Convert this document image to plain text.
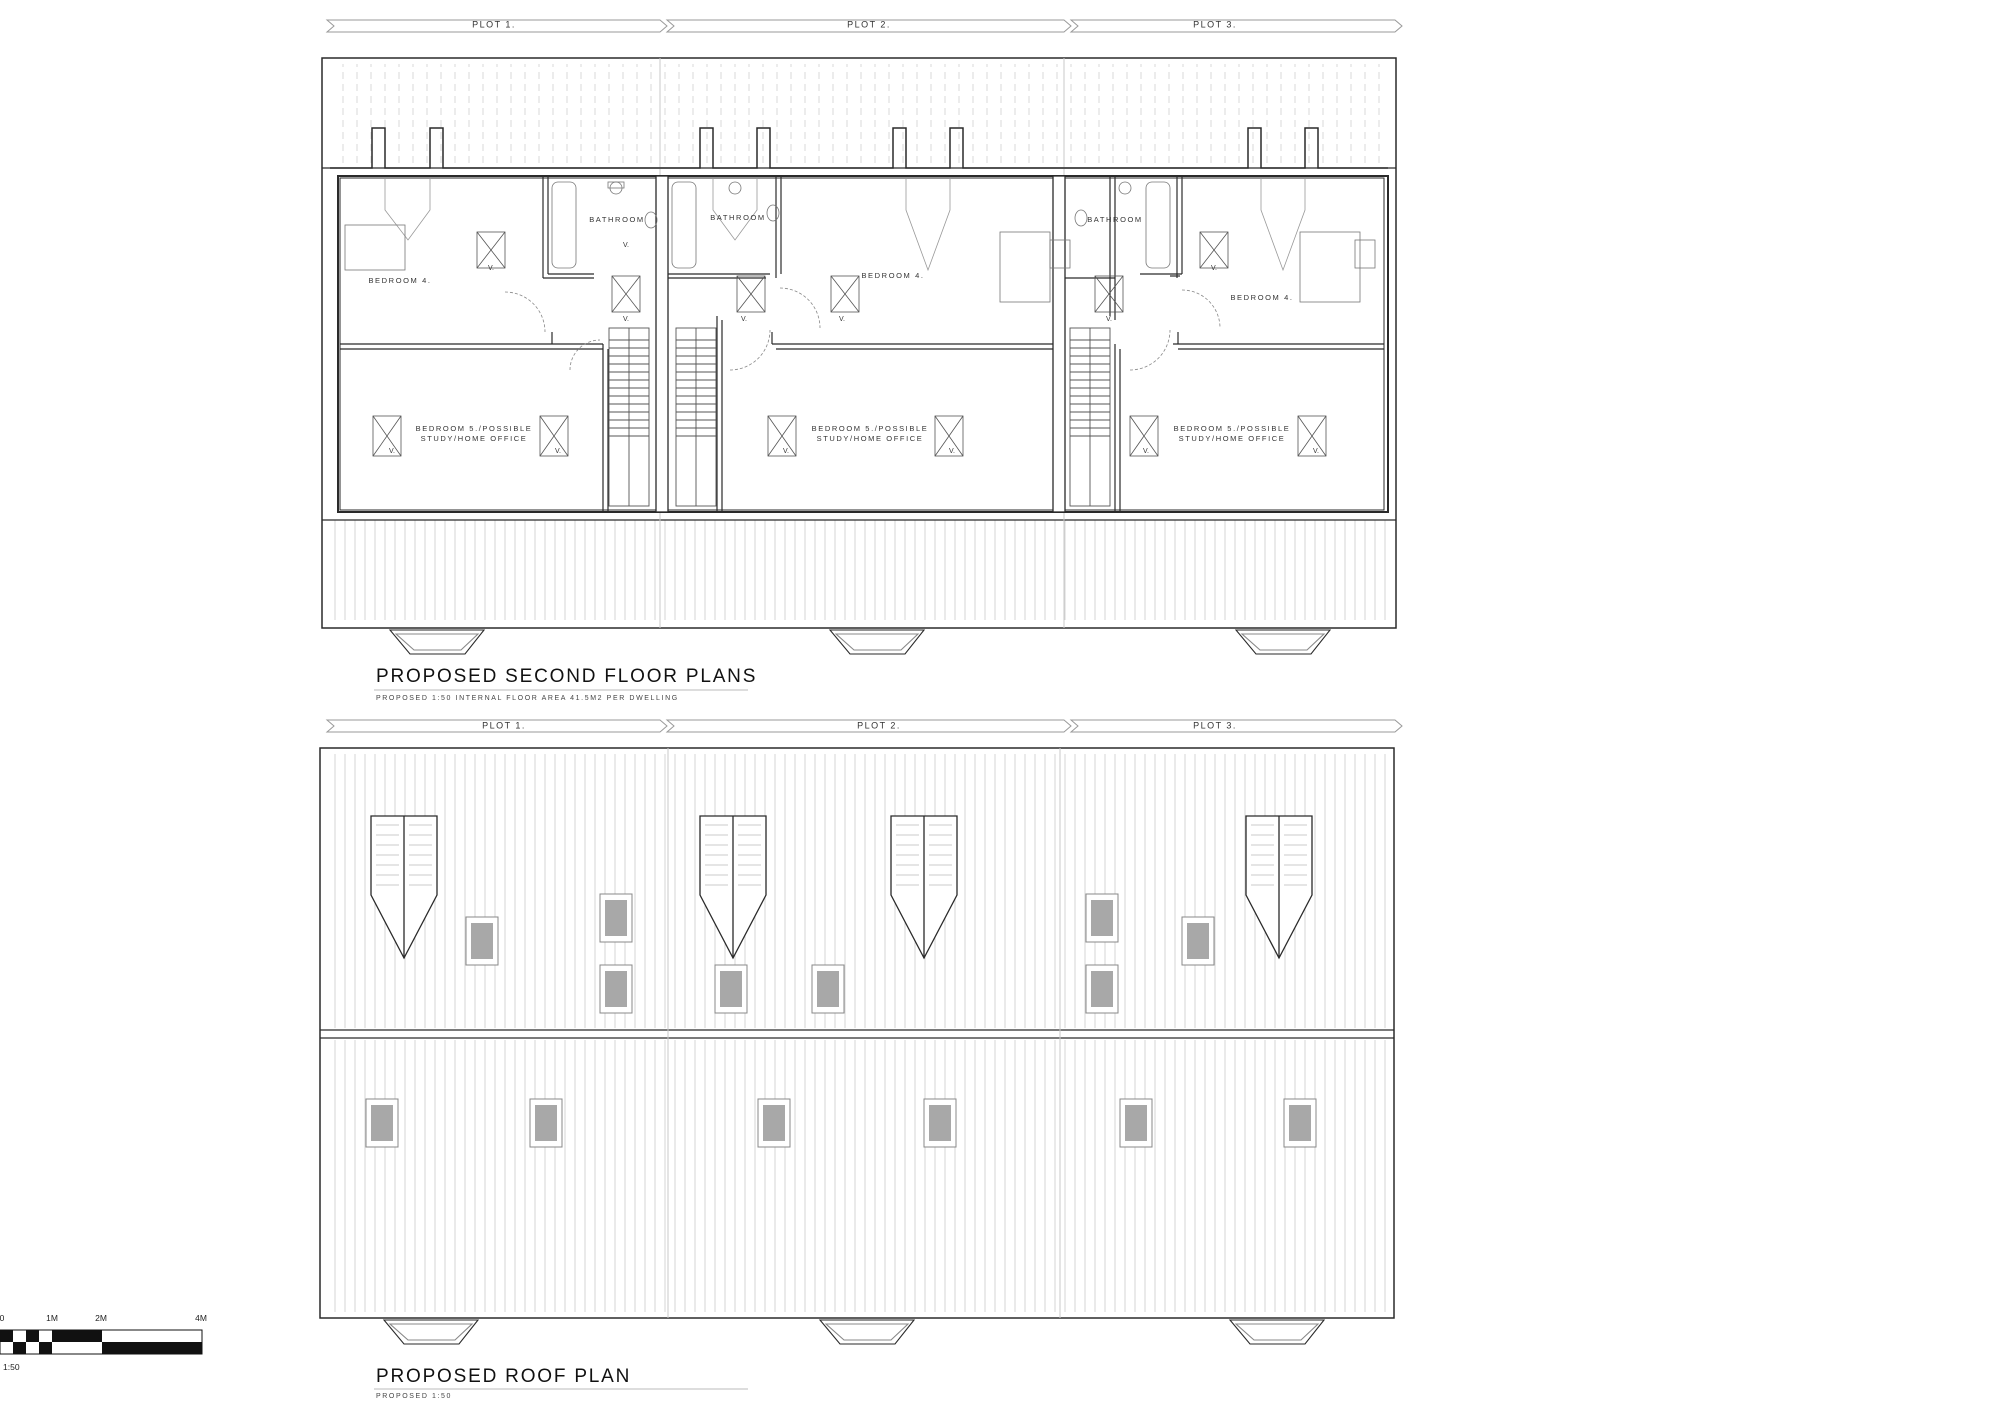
PLOT 1.	PLOT 2.	PLOT 3.
V.
V.
V.	V.	V.	V.
V.
V.	V.	V.	V.	V.	V.
BEDROOM 4.
BATHROOM
BEDROOM 5./POSSIBLE
STUDY/HOME OFFICE
BATHROOM
BEDROOM 4.
BEDROOM 5./POSSIBLE
STUDY/HOME OFFICE
BATHROOM
BEDROOM 4.
BEDROOM 5./POSSIBLE
STUDY/HOME OFFICE
PROPOSED SECOND FLOOR PLANS
PROPOSED 1:50 INTERNAL FLOOR AREA 41.5M2 PER DWELLING
PLOT 1.	PLOT 2.	PLOT 3.
PROPOSED ROOF PLAN
PROPOSED 1:50
0	1M	2M	4M
1:50
